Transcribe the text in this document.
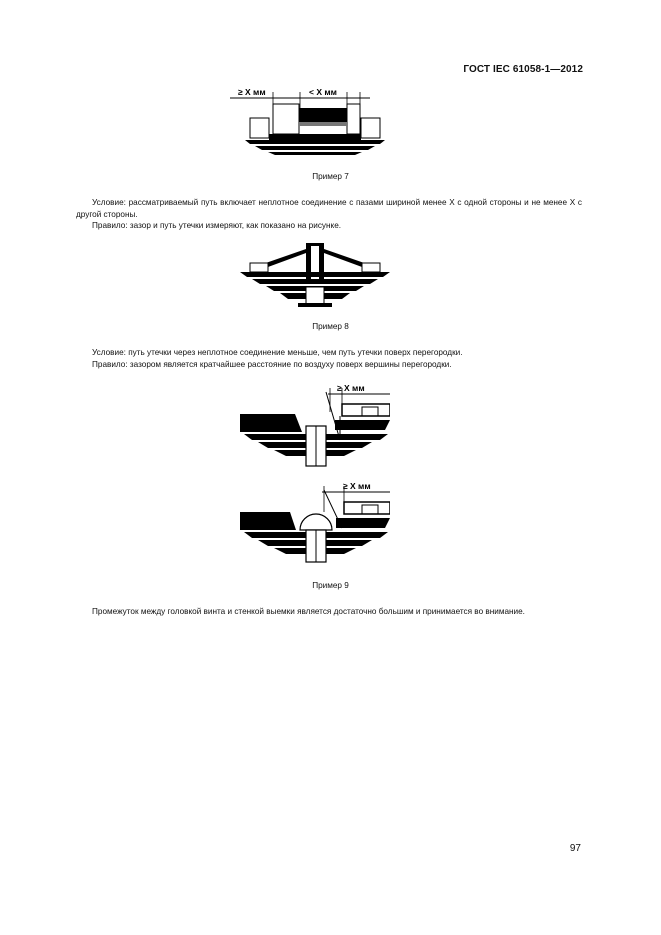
ГОСТ IEC 61058-1—2012
≥ X мм	< X мм
Пример 7

Условие: рассматриваемый путь включает неплотное соединение с пазами шириной менее X с одной стороны и не менее X с другой стороны.

Правило: зазор и путь утечки измеряют, как показано на рисунке.

Пример 8

Условие: путь утечки через неплотное соединение меньше, чем путь утечки поверх перегородки.

Правило: зазором является кратчайшее расстояние по воздуху поверх вершины перегородки.

≥ X мм
≥ X мм
Пример 9

Промежуток между головкой винта и стенкой выемки является достаточно большим и принимается во внимание.

97
